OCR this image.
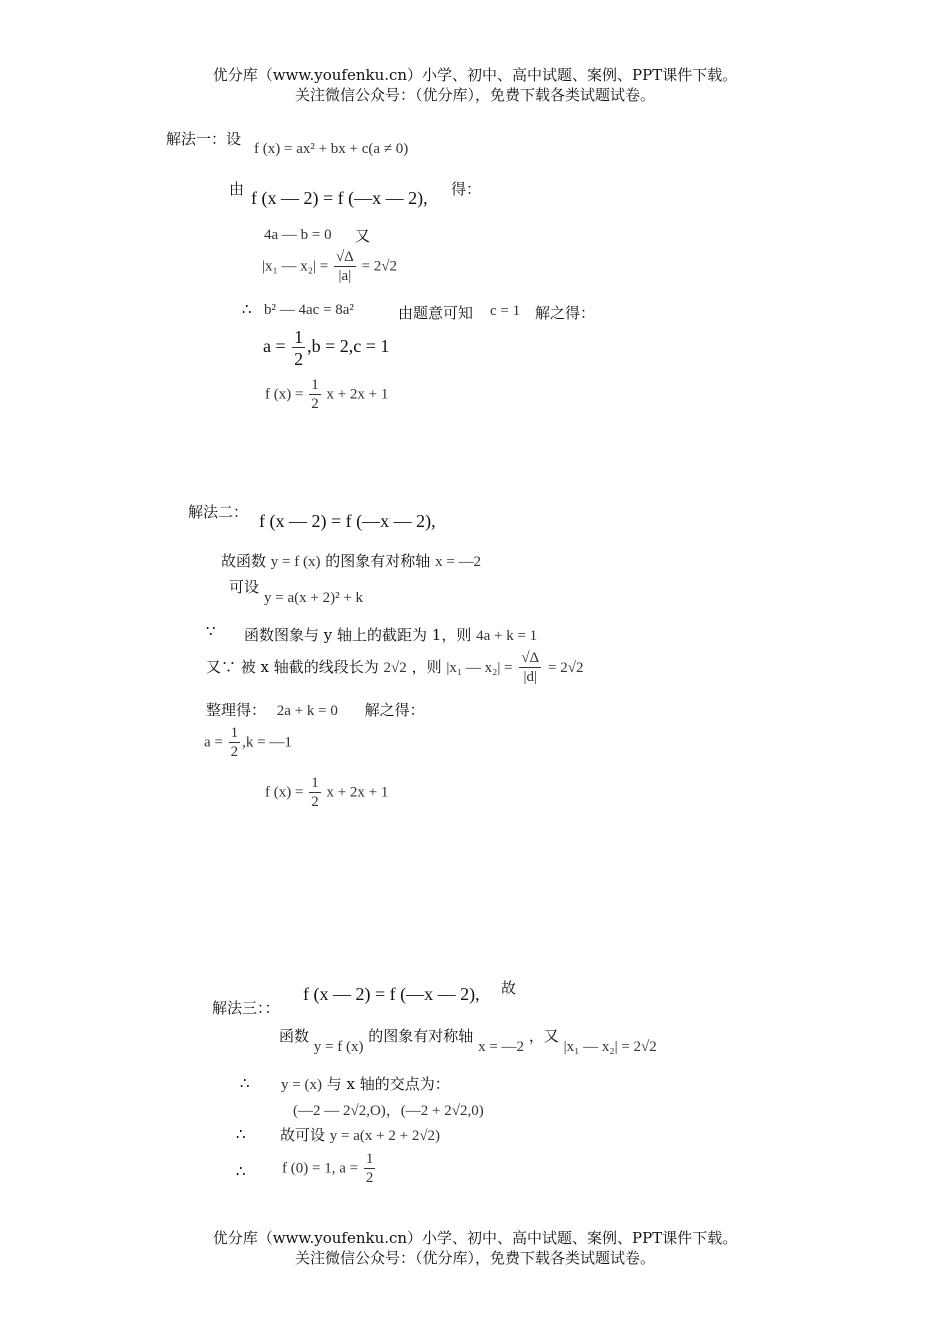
优分库（www.youfenku.cn）小学、初中、高中试题、案例、PPT课件下载。
关注微信公众号：（优分库），免费下载各类试题试卷。
解法一：设
f (x) = ax² + bx + c(a ≠ 0)
由 f (x — 2) = f (—x — 2), 得：
4a — b = 0 又
|x₁ — $x_2| = \frac{√\Delta}{|a|} = 2√2$
∴ b² — 4ac = 8a²	由题意可知 c = 1 解之得：
$a = \frac{1}{2} ,b = 2,c = 1$
f $(x) = \frac{1}{2}$ x + 2x + 1
解法二： f (x — 2) = f (—x — 2),
故函数 y = f (x) 的图象有对称轴 x = —2
可设
y = a(x + 2)² + k
∵ 函数图象与 y 轴上的截距为 1，则 4a + k = 1
又∵ 被 x 轴截的线段长为 2√2 ，则 |x₁ — $x_2| = \frac{√\Delta}{|d|} = 2√2$
整理得： 2a + k = 0 解之得：
$a = \frac{1}{2} ,k$ = —1
f $(x) = \frac{1}{2}$ x + 2x + 1
解法三：：
f (x — 2) = f (—x — 2), 故
函数 y = f (x) 的图象有对称轴 x = —2 ，又 |x₁ — x₂| = 2√2
∴ y = (x) 与 x 轴的交点为：
(—2 — 2√2,O)，(—2 + 2√2,0)
∴ 故可设 y = a(x + 2 + 2√2)
∴ f (0) = 1, $a = \frac{1}{2}$
优分库（www.youfenku.cn）小学、初中、高中试题、案例、PPT课件下载。
关注微信公众号：（优分库），免费下载各类试题试卷。
